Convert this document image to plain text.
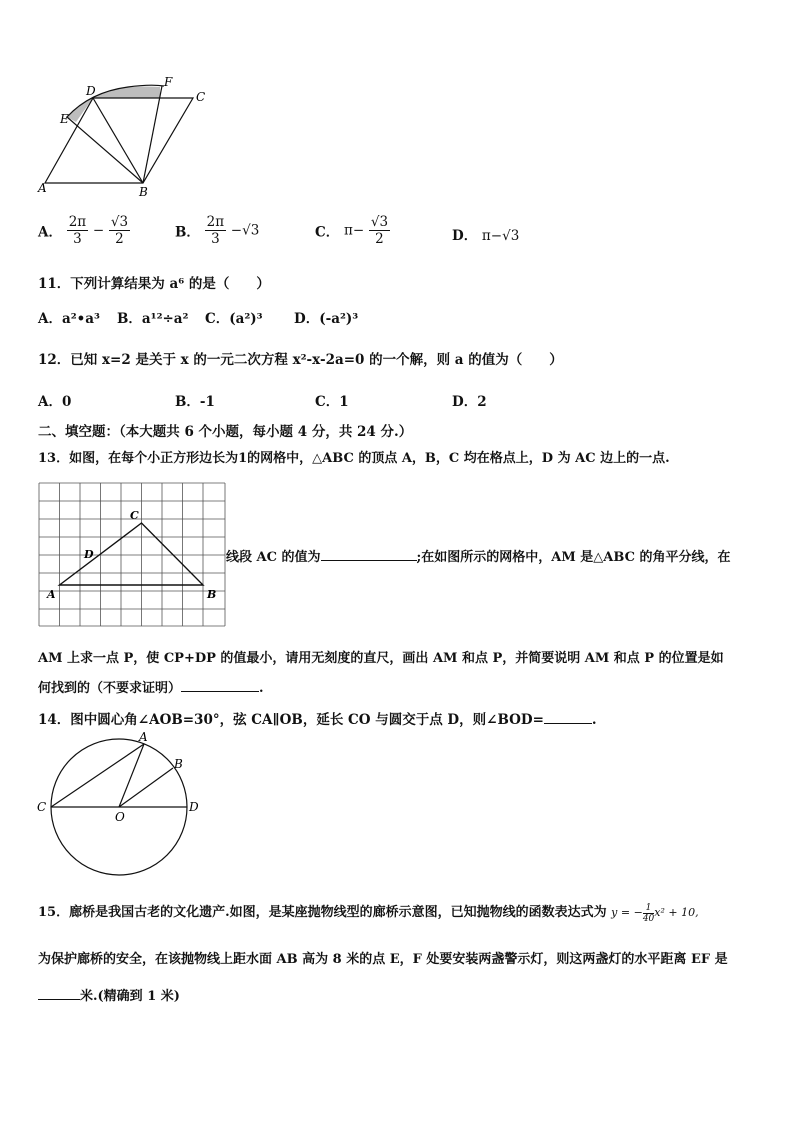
D
F
C
E
A	B
A． $\frac{2\pi}{3} - \frac{√3}{2}$	B． $\frac{2\pi}{3} -√3$	C． $\pi- \frac{√3}{2}$	D． π−√3
11．下列计算结果为 a⁶ 的是（　　）
A．a²•a³ B．a¹²÷a² C．(a²)³ D．(-a²)³
12．已知 x=2 是关于 x 的一元二次方程 x²-x-2a=0 的一个解，则 a 的值为（　　）
A．0	B．-1	C．1	D．2
二、填空题：（本大题共 6 个小题，每小题 4 分，共 24 分.）
13．如图，在每个小正方形边长为1的网格中，△ABC 的顶点 A，B，C 均在格点上，D 为 AC 边上的一点.
C
D
A	B
线段 AC 的值为	;在如图所示的网格中，AM 是△ABC 的角平分线，在
AM 上求一点 P，使 CP+DP 的值最小，请用无刻度的直尺，画出 AM 和点 P，并简要说明 AM 和点 P 的位置是如
何找到的（不要求证明）	.
14．图中圆心角∠AOB=30°，弦 CA∥OB，延长 CO 与圆交于点 D，则∠BOD=	.
A
B
C
O
D
15．廊桥是我国古老的文化遗产.如图，是某座抛物线型的廊桥示意图，已知抛物线的函数表达式为 y = − $\frac{1}{40} x^2 + 10$,
为保护廊桥的安全，在该抛物线上距水面 AB 高为 8 米的点 E，F 处要安装两盏警示灯，则这两盏灯的水平距离 EF 是
米.(精确到 1 米)
